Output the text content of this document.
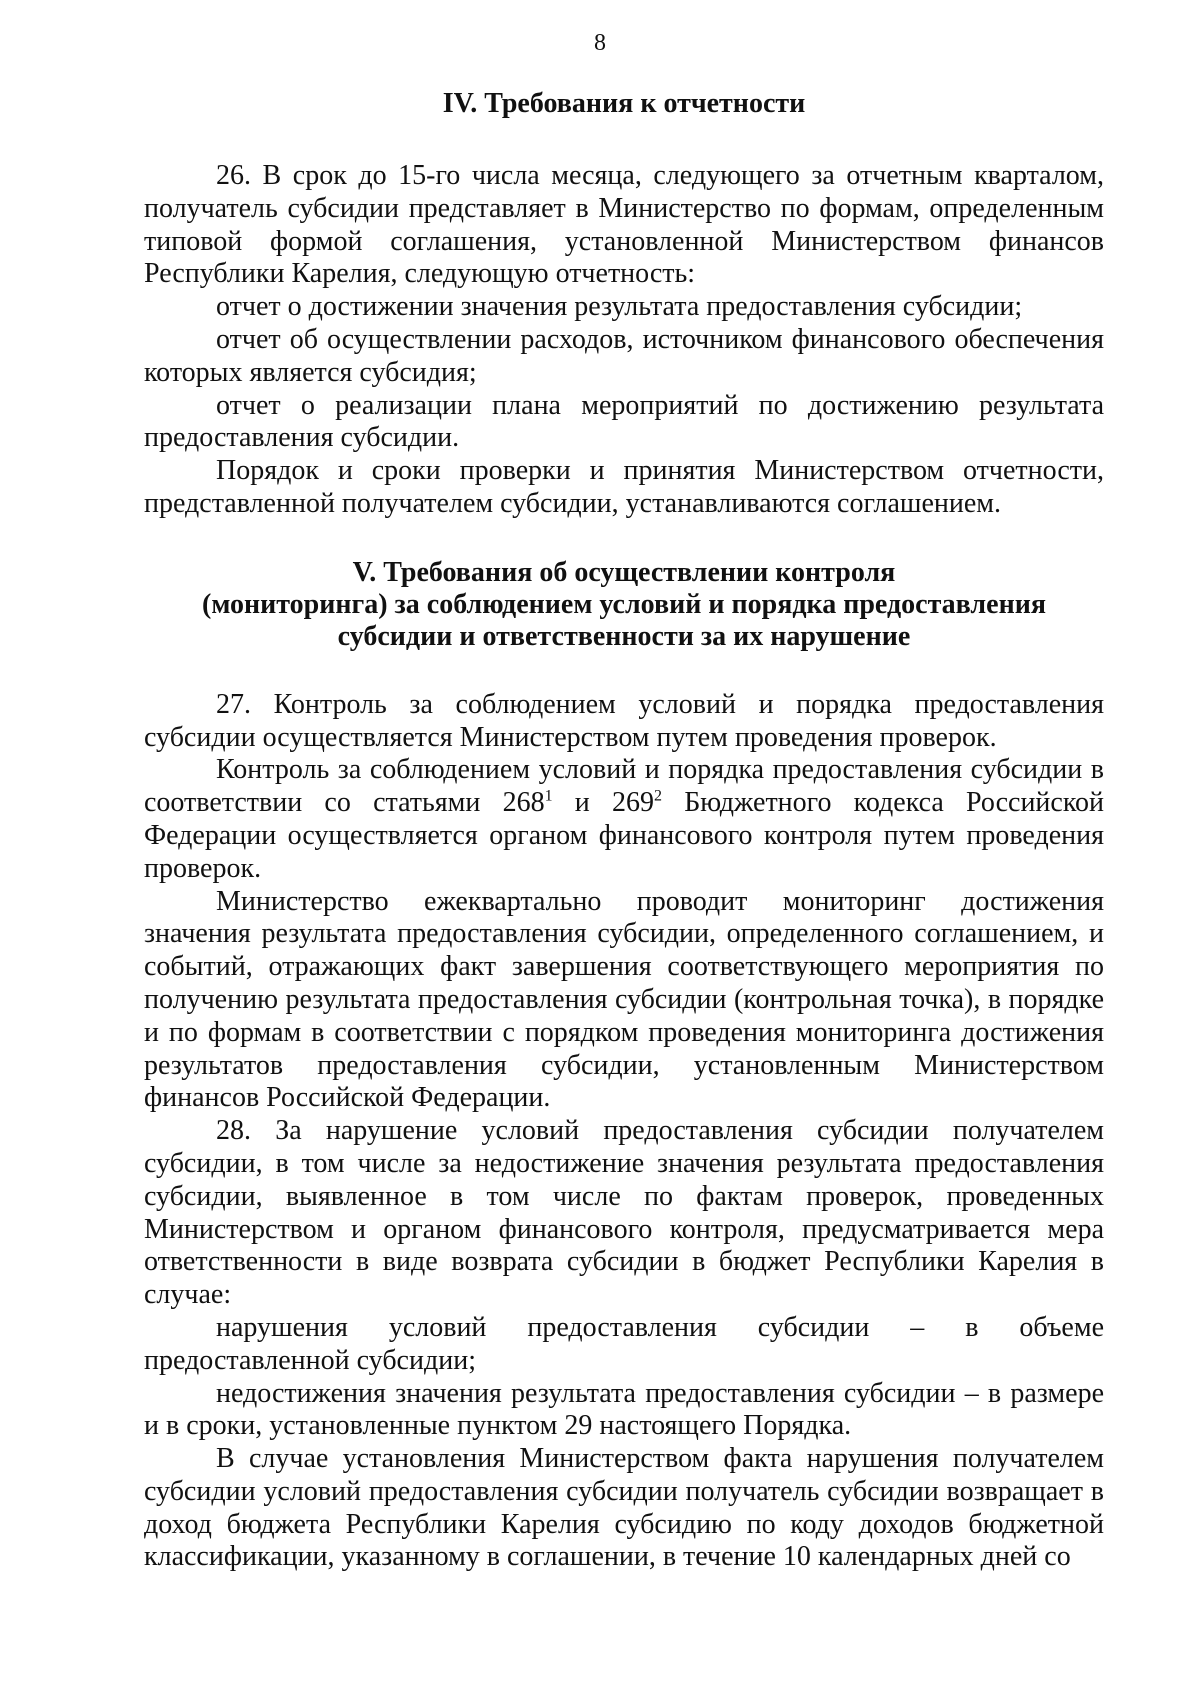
8
IV. Требования к отчетности

26. В срок до 15-го числа месяца, следующего за отчетным кварталом, получатель субсидии представляет в Министерство по формам, определенным типовой формой соглашения, установленной Министерством финансов Республики Карелия, следующую отчетность:

отчет о достижении значения результата предоставления субсидии;

отчет об осуществлении расходов, источником финансового обеспечения которых является субсидия;

отчет о реализации плана мероприятий по достижению результата предоставления субсидии.

Порядок и сроки проверки и принятия Министерством отчетности, представленной получателем субсидии, устанавливаются соглашением.

V. Требования об осуществлении контроля
(мониторинга) за соблюдением условий и порядка предоставления
субсидии и ответственности за их нарушение

27. Контроль за соблюдением условий и порядка предоставления субсидии осуществляется Министерством путем проведения проверок.

Контроль за соблюдением условий и порядка предоставления субсидии в соответствии со статьями $268^1$ и $269^2$ Бюджетного кодекса Российской Федерации осуществляется органом финансового контроля путем проведения проверок.

Министерство ежеквартально проводит мониторинг достижения значения результата предоставления субсидии, определенного соглашением, и событий, отражающих факт завершения соответствующего мероприятия по получению результата предоставления субсидии (контрольная точка), в порядке и по формам в соответствии с порядком проведения мониторинга достижения результатов предоставления субсидии, установленным Министерством финансов Российской Федерации.

28. За нарушение условий предоставления субсидии получателем субсидии, в том числе за недостижение значения результата предоставления субсидии, выявленное в том числе по фактам проверок, проведенных Министерством и органом финансового контроля, предусматривается мера ответственности в виде возврата субсидии в бюджет Республики Карелия в случае:

нарушения условий предоставления субсидии – в объеме предоставленной субсидии;

недостижения значения результата предоставления субсидии – в размере и в сроки, установленные пунктом 29 настоящего Порядка.

В случае установления Министерством факта нарушения получателем субсидии условий предоставления субсидии получатель субсидии возвращает в доход бюджета Республики Карелия субсидию по коду доходов бюджетной классификации, указанному в соглашении, в течение 10 календарных дней со
